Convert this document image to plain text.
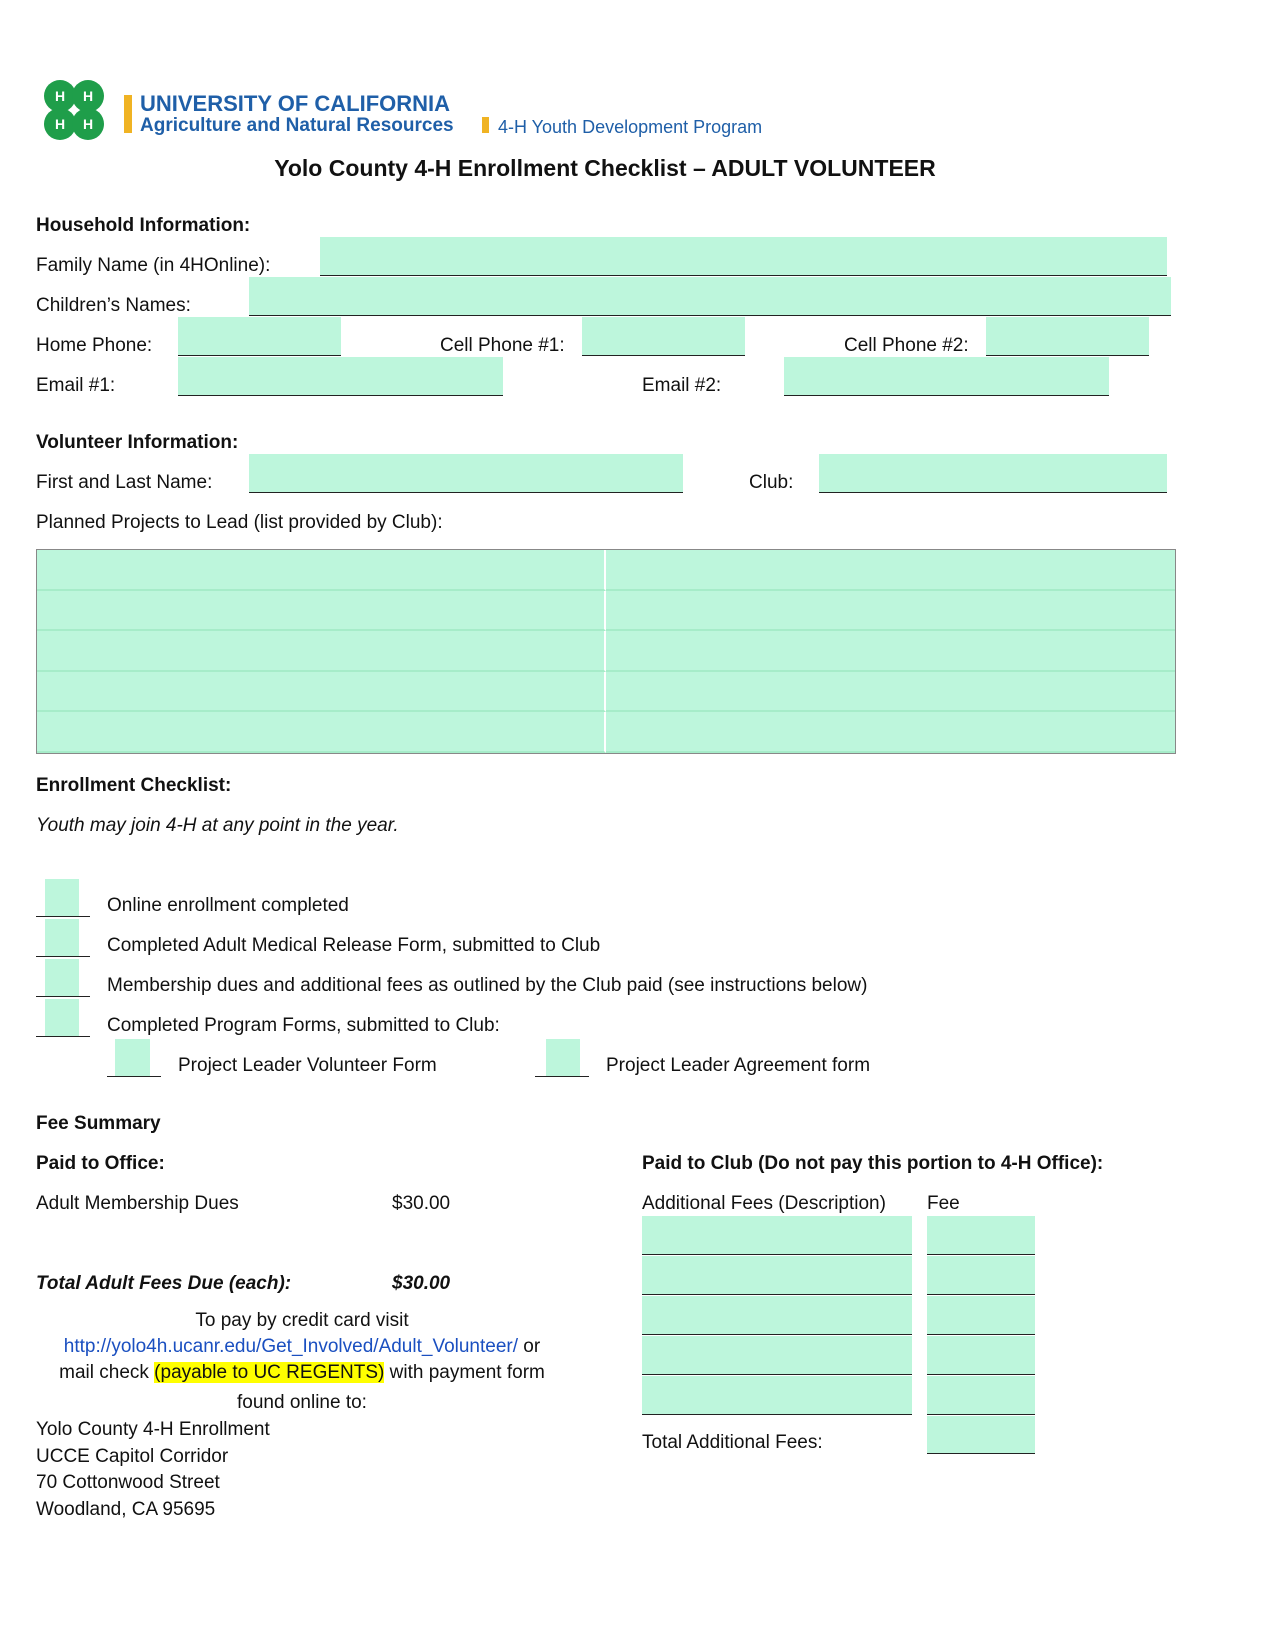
H H
H H
UNIVERSITY OF CALIFORNIA
Agriculture and Natural Resources 4-H Youth Development Program
Yolo County 4-H Enrollment Checklist – ADULT VOLUNTEER
Household Information:
Family Name (in 4HOnline):
Children’s Names:
Home Phone:	Cell Phone #1:	Cell Phone #2:
Email #1:	Email #2:
Volunteer Information:
First and Last Name:	Club:
Planned Projects to Lead (list provided by Club):
Enrollment Checklist:
Youth may join 4-H at any point in the year.
Online enrollment completed
Completed Adult Medical Release Form, submitted to Club
Membership dues and additional fees as outlined by the Club paid (see instructions below)
Completed Program Forms, submitted to Club:
Project Leader Volunteer Form	Project Leader Agreement form
Fee Summary
Paid to Office:
Adult Membership Dues	$30.00
Total Adult Fees Due (each):	$30.00
To pay by credit card visit
http://yolo4h.ucanr.edu/Get_Involved/Adult_Volunteer/ or
mail check (payable to UC REGENTS) with payment form
found online to:
Yolo County 4-H Enrollment
UCCE Capitol Corridor
70 Cottonwood Street
Woodland, CA 95695
Paid to Club (Do not pay this portion to 4-H Office):
Additional Fees (Description) Fee
Total Additional Fees:
